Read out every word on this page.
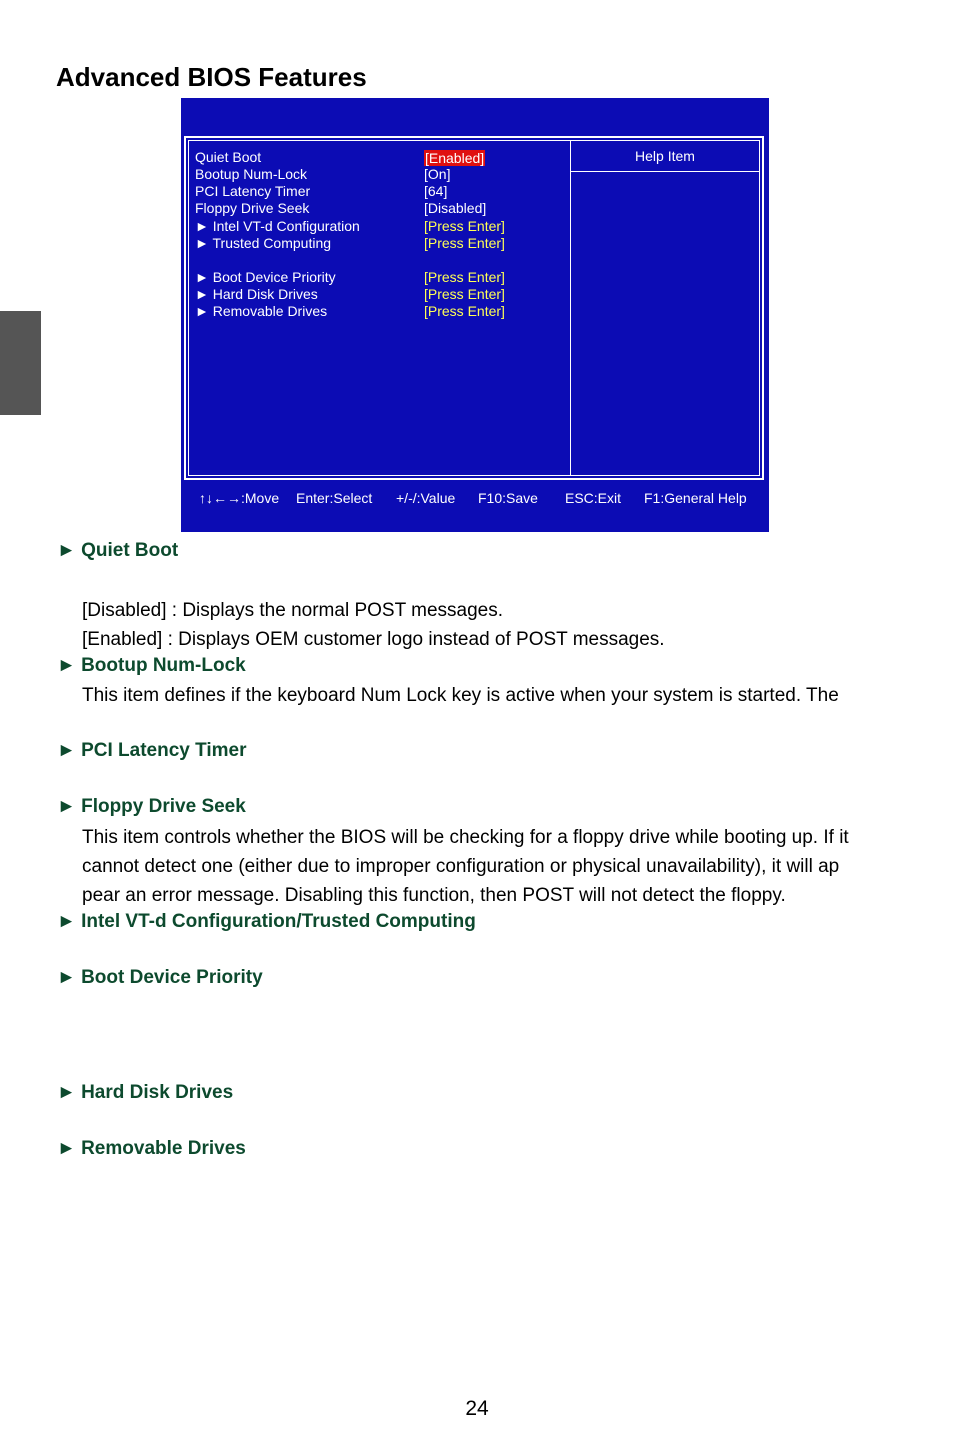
Advanced BIOS Features
Help Item
Quiet Boot
Bootup Num-Lock
PCI Latency Timer
Floppy Drive Seek
► Intel VT-d Configuration
► Trusted Computing
► Boot Device Priority
► Hard Disk Drives
► Removable Drives
[Enabled]
[On]
[64]
[Disabled]
[Press Enter]
[Press Enter]
[Press Enter]
[Press Enter]
[Press Enter]
↑↓←→:Move Enter:Select +/-/:Value F10:Save ESC:Exit F1:General Help
► Quiet Boot

[Disabled] : Displays the normal POST messages.

[Enabled] : Displays OEM customer logo instead of POST messages.

► Bootup Num-Lock

This item defines if the keyboard Num Lock key is active when your system is started. The

► PCI Latency Timer
► Floppy Drive Seek

This item controls whether the BIOS will be checking for a floppy drive while booting up. If it

cannot detect one (either due to improper configuration or physical unavailability), it will ap

pear an error message. Disabling this function, then POST will not detect the floppy.

► Intel VT-d Configuration/Trusted Computing
► Boot Device Priority
► Hard Disk Drives
► Removable Drives
24
